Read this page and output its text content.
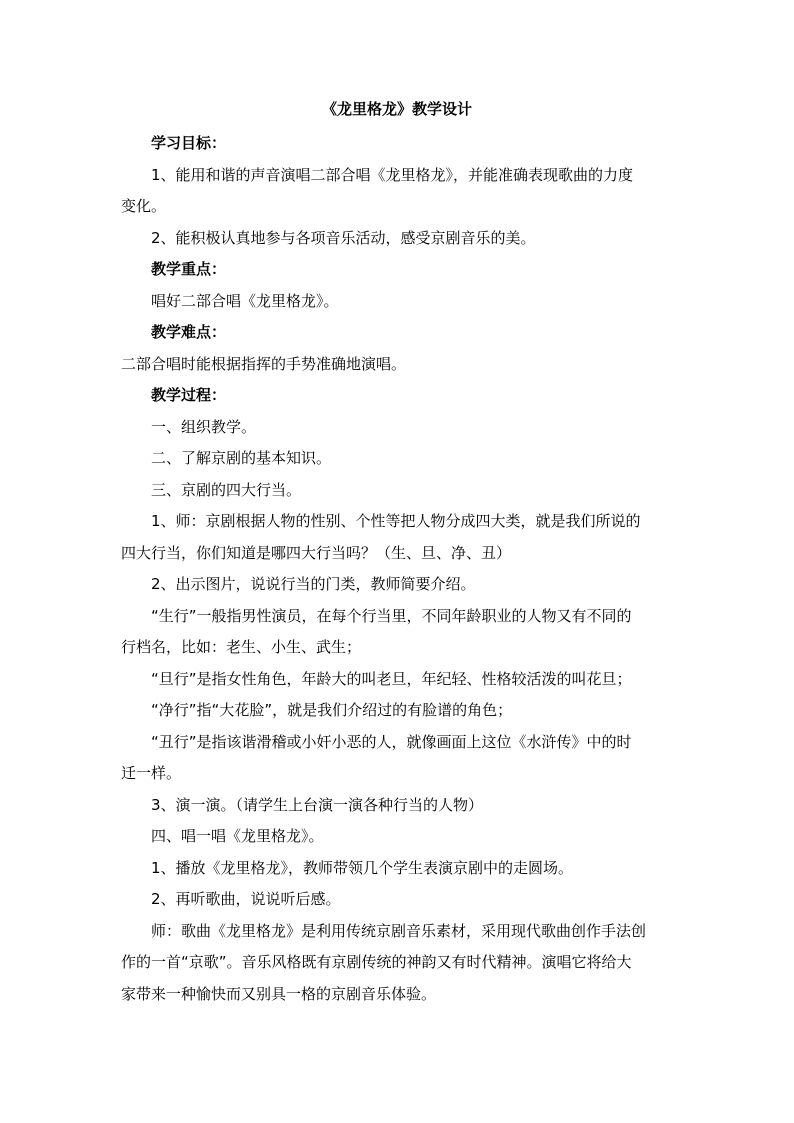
《龙里格龙》教学设计

学习目标：

1、能用和谐的声音演唱二部合唱《龙里格龙》，并能准确表现歌曲的力度

变化。

2、能积极认真地参与各项音乐活动，感受京剧音乐的美。

教学重点：

唱好二部合唱《龙里格龙》。

教学难点：

二部合唱时能根据指挥的手势准确地演唱。

教学过程：

一、组织教学。

二、了解京剧的基本知识。

三、京剧的四大行当。

1、师：京剧根据人物的性别、个性等把人物分成四大类，就是我们所说的

四大行当，你们知道是哪四大行当吗？（生、旦、净、丑）

2、出示图片，说说行当的门类，教师简要介绍。

“生行”一般指男性演员，在每个行当里，不同年龄职业的人物又有不同的

行档名，比如：老生、小生、武生；

“旦行”是指女性角色，年龄大的叫老旦，年纪轻、性格较活泼的叫花旦；

“净行”指“大花脸”，就是我们介绍过的有脸谱的角色；

“丑行”是指该谐滑稽或小奸小恶的人，就像画面上这位《水浒传》中的时

迁一样。

3、演一演。（请学生上台演一演各种行当的人物）

四、唱一唱《龙里格龙》。

1、播放《龙里格龙》，教师带领几个学生表演京剧中的走圆场。

2、再听歌曲，说说听后感。

师：歌曲《龙里格龙》是利用传统京剧音乐素材，采用现代歌曲创作手法创

作的一首“京歌”。音乐风格既有京剧传统的神韵又有时代精神。演唱它将给大

家带来一种愉快而又别具一格的京剧音乐体验。
